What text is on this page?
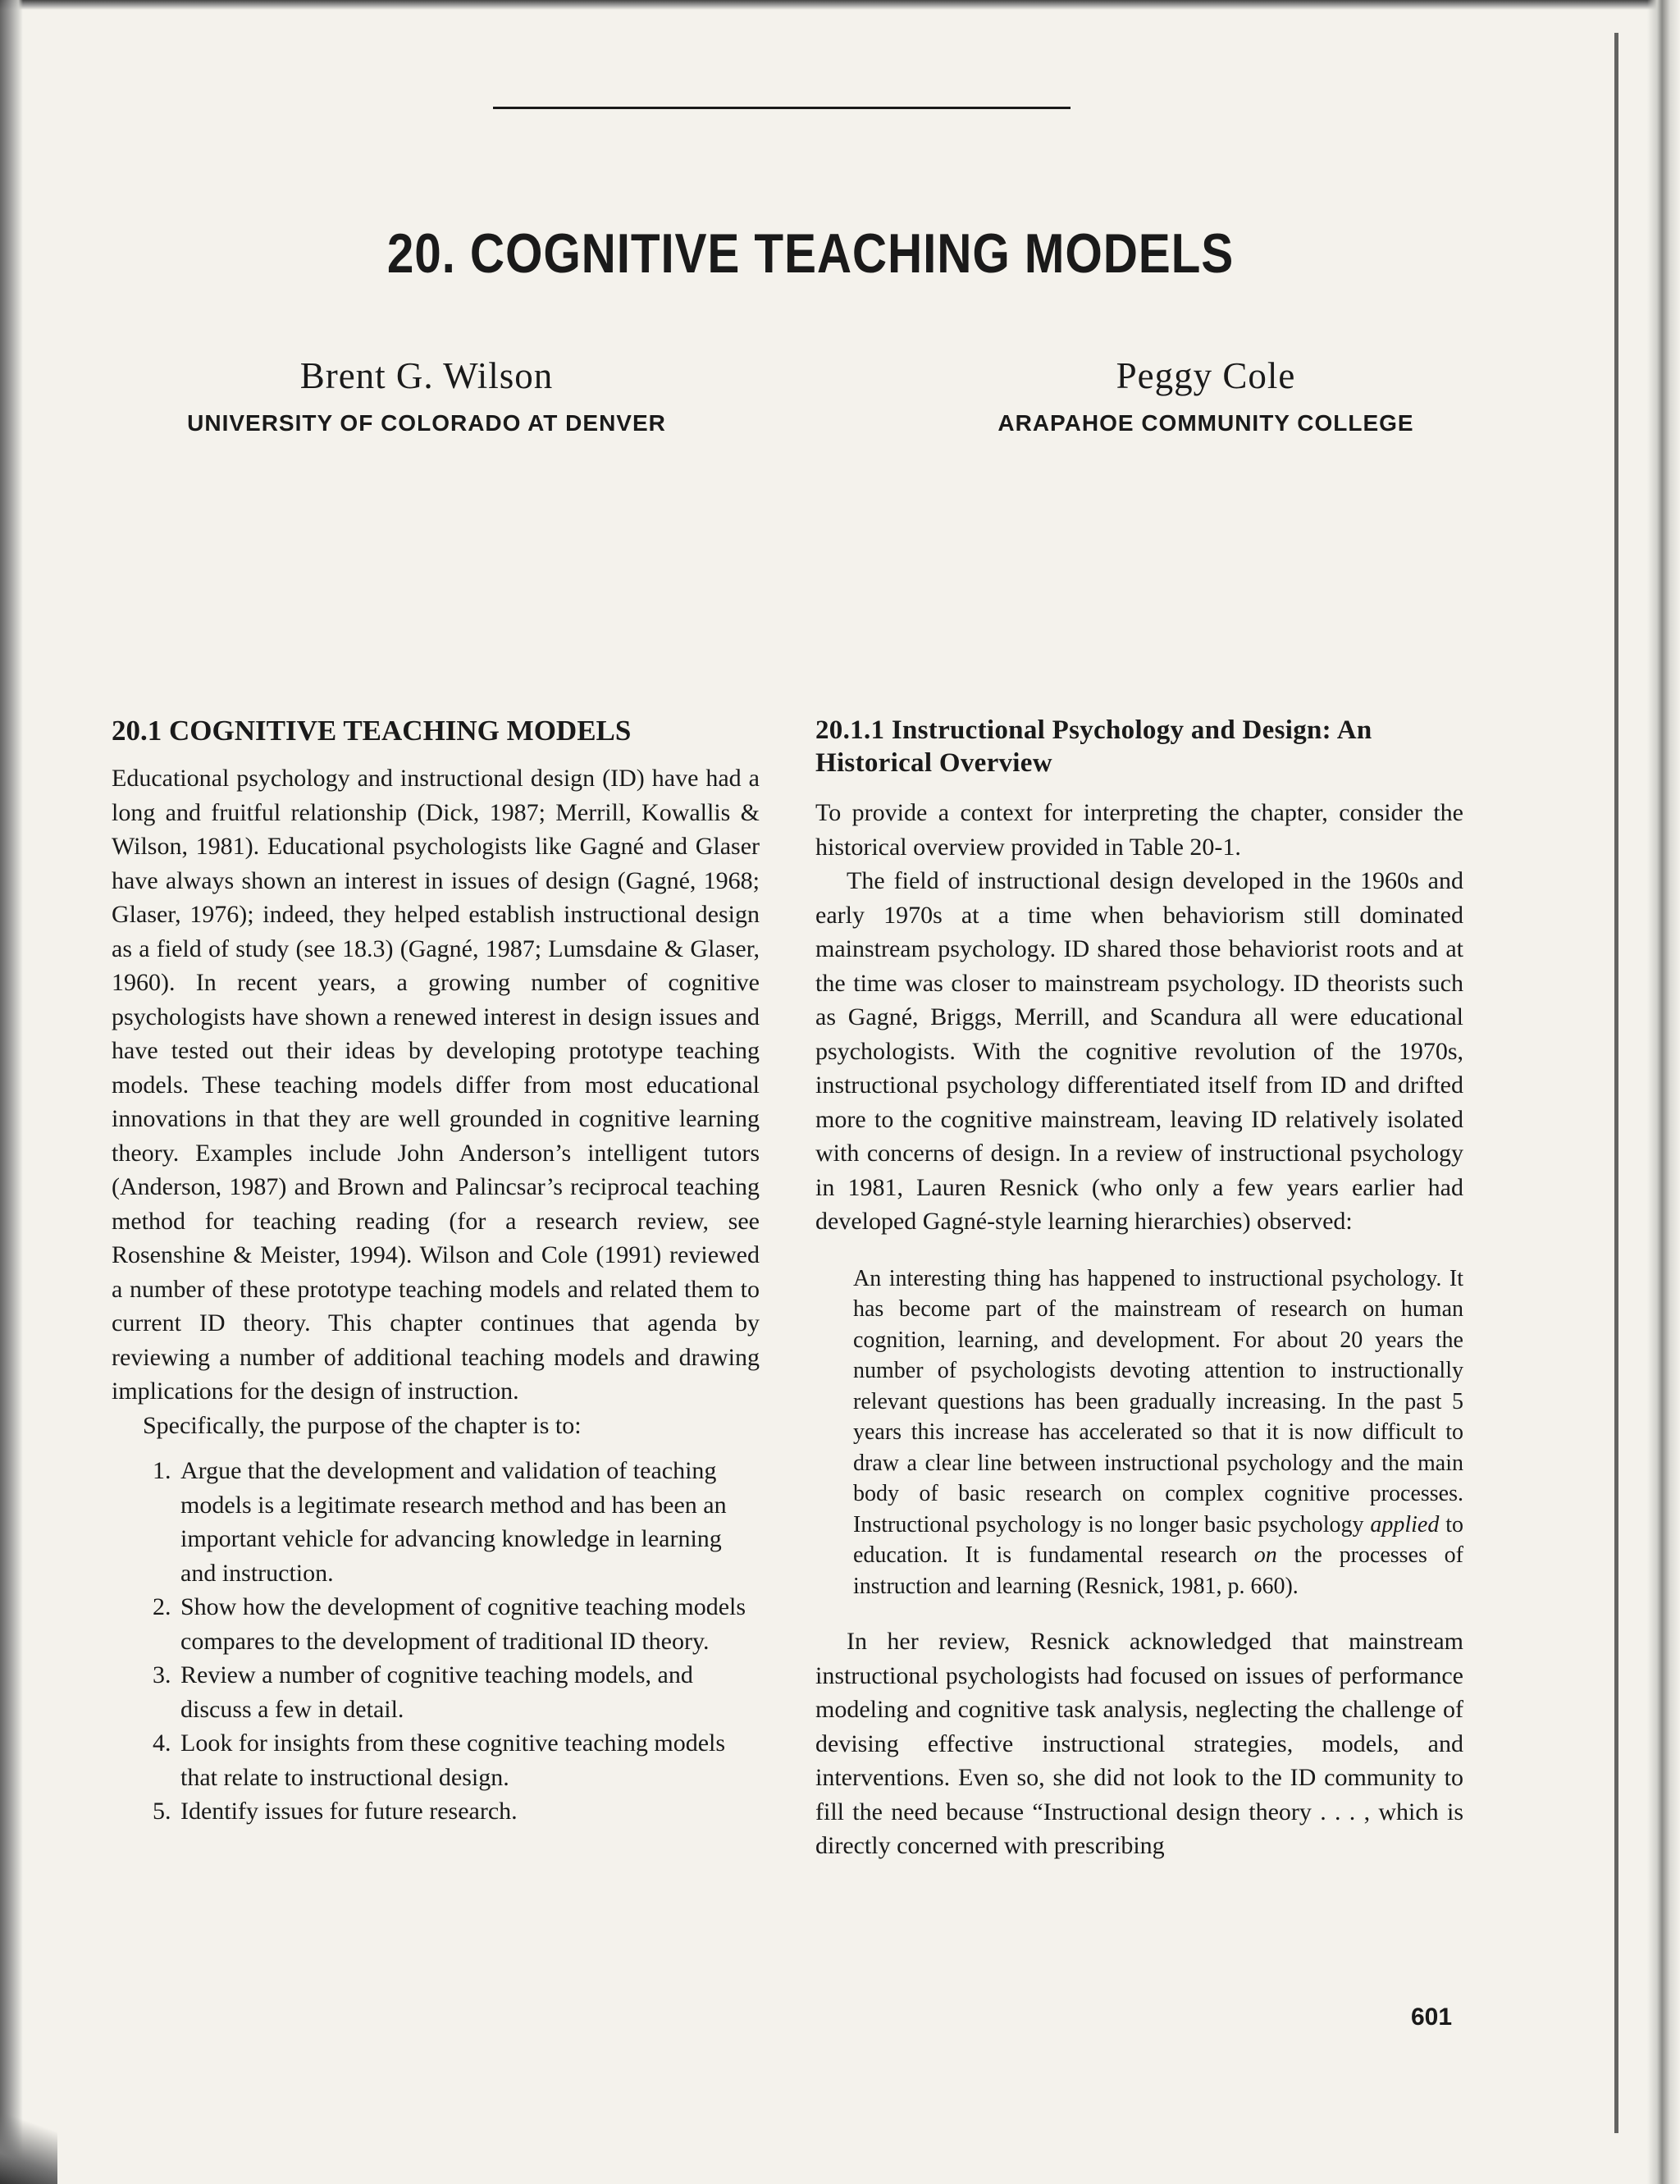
20. COGNITIVE TEACHING MODELS
Brent G. Wilson
UNIVERSITY OF COLORADO AT DENVER
Peggy Cole
ARAPAHOE COMMUNITY COLLEGE
20.1 COGNITIVE TEACHING MODELS

Educational psychology and instructional design (ID) have had a long and fruitful relationship (Dick, 1987; Merrill, Kowallis & Wilson, 1981). Educational psychologists like Gagné and Glaser have always shown an interest in issues of design (Gagné, 1968; Glaser, 1976); indeed, they helped establish instructional design as a field of study (see 18.3) (Gagné, 1987; Lumsdaine & Glaser, 1960). In recent years, a growing number of cognitive psychologists have shown a renewed interest in design issues and have tested out their ideas by developing prototype teaching models. These teaching models differ from most educational innovations in that they are well grounded in cognitive learning theory. Examples include John Anderson’s intelligent tutors (Anderson, 1987) and Brown and Palincsar’s reciprocal teaching method for teaching reading (for a research review, see Rosenshine & Meister, 1994). Wilson and Cole (1991) reviewed a number of these prototype teaching models and related them to current ID theory. This chapter continues that agenda by reviewing a number of additional teaching models and drawing implications for the design of instruction.

Specifically, the purpose of the chapter is to:

1. Argue that the development and validation of teaching models is a legitimate research method and has been an important vehicle for advancing knowledge in learning and instruction.
2. Show how the development of cognitive teaching models compares to the development of traditional ID theory.
3. Review a number of cognitive teaching models, and discuss a few in detail.
4. Look for insights from these cognitive teaching models that relate to instructional design.
5. Identify issues for future research.
20.1.1 Instructional Psychology and Design: An Historical Overview

To provide a context for interpreting the chapter, consider the historical overview provided in Table 20-1.

The field of instructional design developed in the 1960s and early 1970s at a time when behaviorism still dominated mainstream psychology. ID shared those behaviorist roots and at the time was closer to mainstream psychology. ID theorists such as Gagné, Briggs, Merrill, and Scandura all were educational psychologists. With the cognitive revolution of the 1970s, instructional psychology differentiated itself from ID and drifted more to the cognitive mainstream, leaving ID relatively isolated with concerns of design. In a review of instructional psychology in 1981, Lauren Resnick (who only a few years earlier had developed Gagné-style learning hierarchies) observed:

An interesting thing has happened to instructional psychology. It has become part of the mainstream of research on human cognition, learning, and development. For about 20 years the number of psychologists devoting attention to instructionally relevant questions has been gradually increasing. In the past 5 years this increase has accelerated so that it is now difficult to draw a clear line between instructional psychology and the main body of basic research on complex cognitive processes. Instructional psychology is no longer basic psychology applied to education. It is fundamental research on the processes of instruction and learning (Resnick, 1981, p. 660).

In her review, Resnick acknowledged that mainstream instructional psychologists had focused on issues of performance modeling and cognitive task analysis, neglecting the challenge of devising effective instructional strategies, models, and interventions. Even so, she did not look to the ID community to fill the need because “Instructional design theory . . . , which is directly concerned with prescribing

601
